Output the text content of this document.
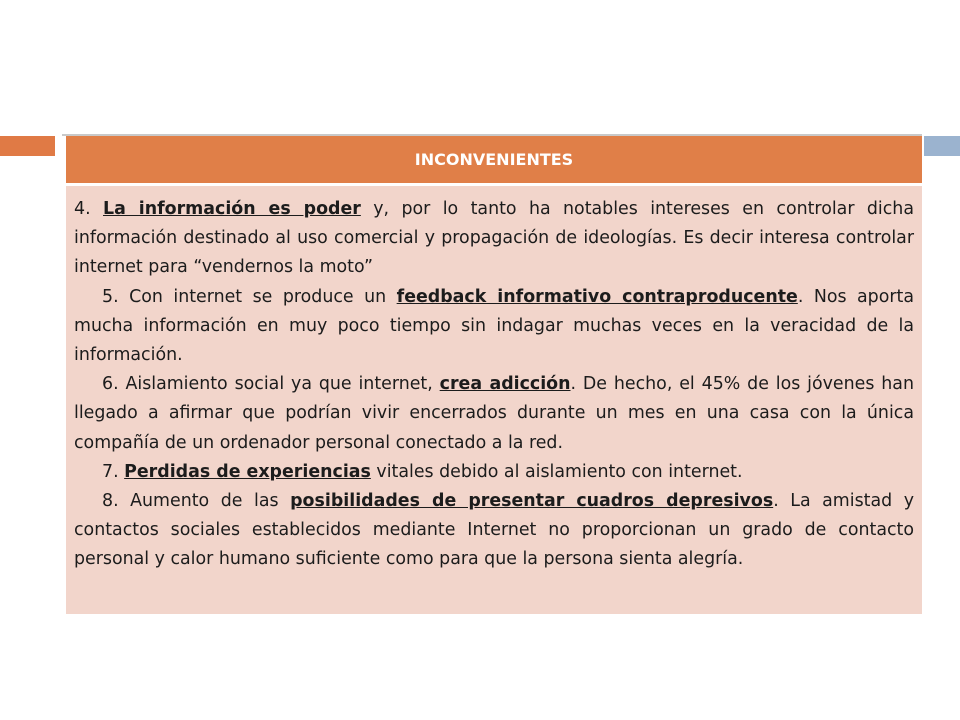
INCONVENIENTES

4. La información es poder y, por lo tanto ha notables intereses en controlar dicha información destinado al uso comercial y propagación de ideologías. Es decir interesa controlar internet para “vendernos la moto”

5. Con internet se produce un feedback informativo contraproducente. Nos aporta mucha información en muy poco tiempo sin indagar muchas veces en la veracidad de la información.

6. Aislamiento social ya que internet, crea adicción. De hecho, el 45% de los jóvenes han llegado a afirmar que podrían vivir encerrados durante un mes en una casa con la única compañía de un ordenador personal conectado a la red.

7. Perdidas de experiencias vitales debido al aislamiento con internet.

8. Aumento de las posibilidades de presentar cuadros depresivos. La amistad y contactos sociales establecidos mediante Internet no proporcionan un grado de contacto personal y calor humano suficiente como para que la persona sienta alegría.
